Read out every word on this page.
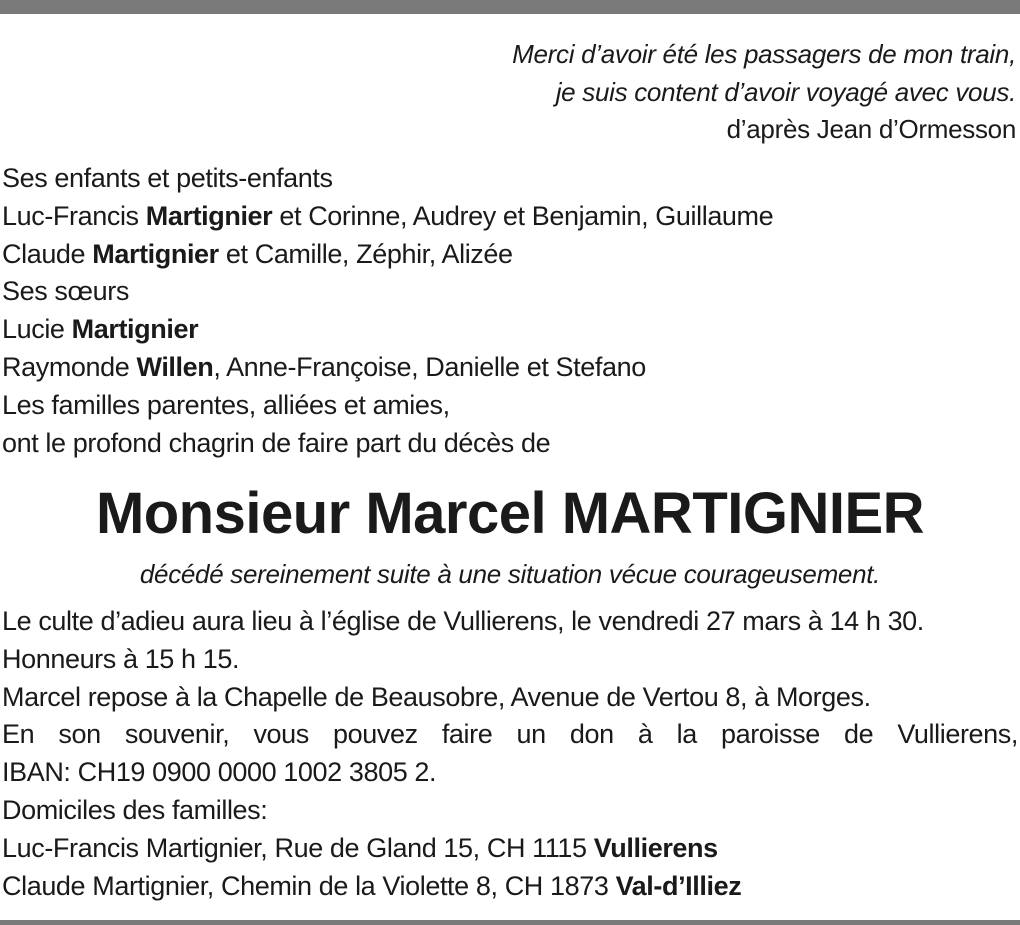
Merci d’avoir été les passagers de mon train,
je suis content d’avoir voyagé avec vous.
d’après Jean d’Ormesson
Ses enfants et petits-enfants
Luc-Francis Martignier et Corinne, Audrey et Benjamin, Guillaume
Claude Martignier et Camille, Zéphir, Alizée
Ses sœurs
Lucie Martignier
Raymonde Willen, Anne-Françoise, Danielle et Stefano
Les familles parentes, alliées et amies,
ont le profond chagrin de faire part du décès de
Monsieur Marcel MARTIGNIER
décédé sereinement suite à une situation vécue courageusement.
Le culte d’adieu aura lieu à l’église de Vullierens, le vendredi 27 mars à 14 h 30.
Honneurs à 15 h 15.
Marcel repose à la Chapelle de Beausobre, Avenue de Vertou 8, à Morges.
En son souvenir, vous pouvez faire un don à la paroisse de Vullierens,
IBAN: CH19 0900 0000 1002 3805 2.
Domiciles des familles:
Luc-Francis Martignier, Rue de Gland 15, CH 1115 Vullierens
Claude Martignier, Chemin de la Violette 8, CH 1873 Val-d’Illiez
